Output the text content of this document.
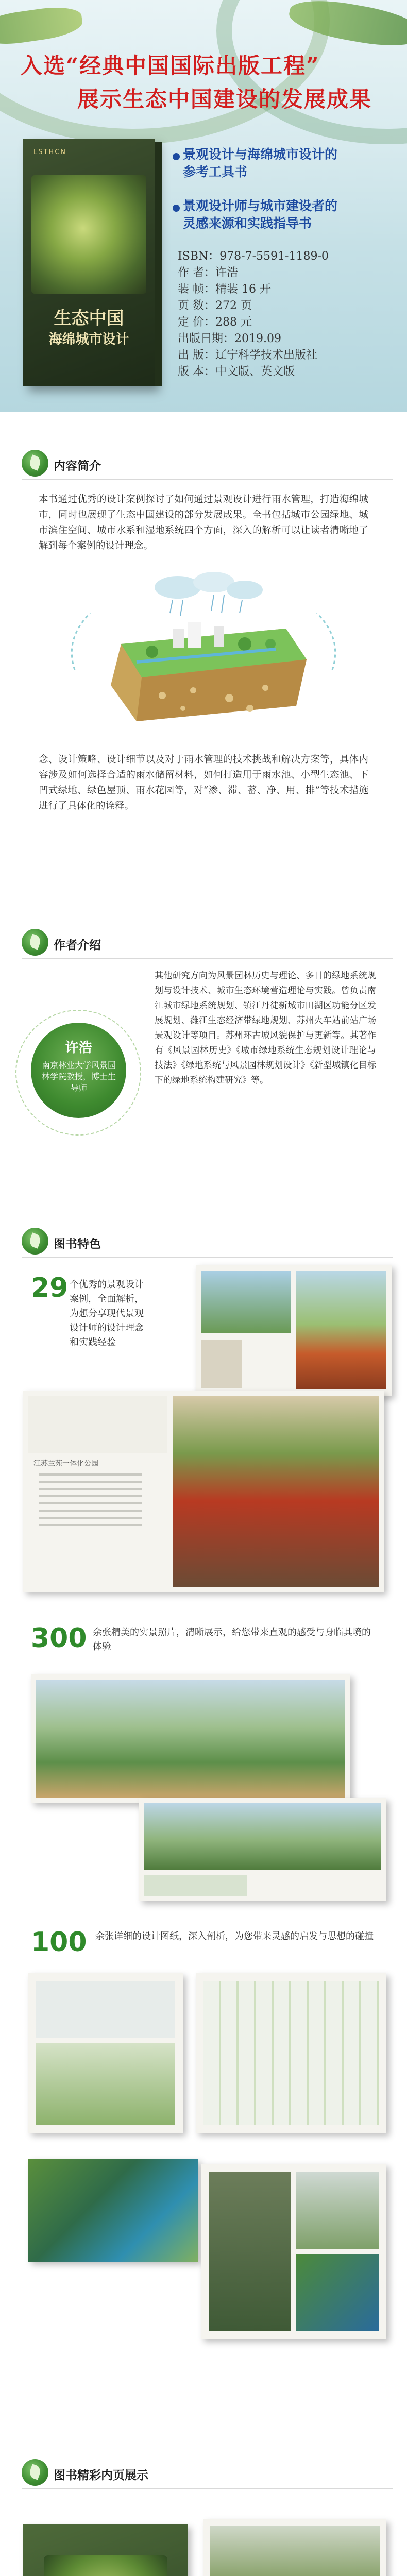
入选“经典中国国际出版工程”
展示生态中国建设的发展成果
LSTHCN
生态中国
海绵城市设计
景观设计与海绵城市设计的
参考工具书
景观设计师与城市建设者的
灵感来源和实践指导书
ISBN：978-7-5591-1189-0
作 者：许浩
装 帧：精装 16 开
页 数：272 页
定 价：288 元
出版日期：2019.09
出 版：辽宁科学技术出版社
版 本：中文版、英文版
内容简介
本书通过优秀的设计案例探讨了如何通过景观设计进行雨水管理，打造海绵城市，同时也展现了生态中国建设的部分发展成果。全书包括城市公园绿地、城市滨住空间、城市水系和湿地系统四个方面，深入的解析可以让读者清晰地了解到每个案例的设计理念。
念、设计策略、设计细节以及对于雨水管理的技术挑战和解决方案等，具体内容涉及如何选择合适的雨水储留材料，如何打造用于雨水池、小型生态池、下凹式绿地、绿色屋顶、雨水花园等，对“渗、滞、蓄、净、用、排”等技术措施进行了具体化的诠释。
作者介绍
许浩
南京林业大学风景园林学院教授，博士生导师
其他研究方向为风景园林历史与理论、多目的绿地系统规划与设计技术、城市生态环境营造理论与实践。曾负责南江城市绿地系统规划、镇江丹徒新城市田湖区功能分区发展规划、潍江生态经济带绿地规划、苏州火车站前站广场景观设计等项目。苏州环古城风貌保护与更新等。其著作有《风景园林历史》《城市绿地系统生态规划设计理论与技法》《绿地系统与风景园林规划设计》《新型城镇化目标下的绿地系统构建研究》等。
图书特色
29 个优秀的景观设计案例，全面解析，为想分享现代景观设计师的设计理念和实践经验
江苏兰苑一体化公园
300 余张精美的实景照片，清晰展示，给您带来直观的感受与身临其境的体验
100 余张详细的设计图纸，深入剖析，为您带来灵感的启发与思想的碰撞
图书精彩内页展示
